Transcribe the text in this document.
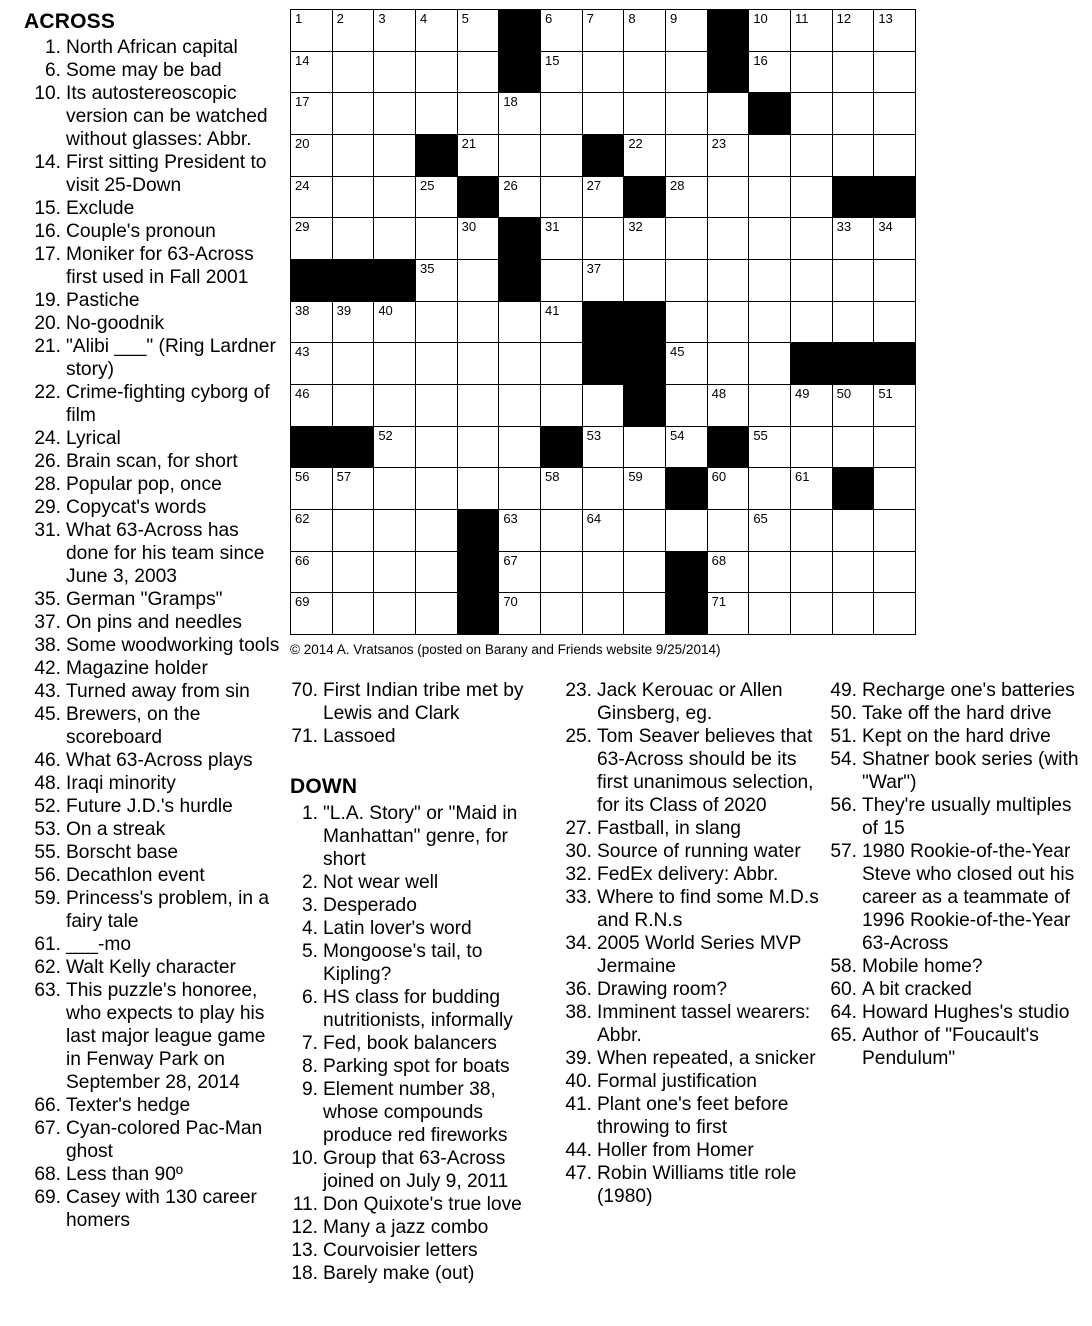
ACROSS
1. North African capital
6. Some may be bad
10. Its autostereoscopic version can be watched without glasses: Abbr.
14. First sitting President to visit 25-Down
15. Exclude
16. Couple's pronoun
17. Moniker for 63-Across first used in Fall 2001
19. Pastiche
20. No-goodnik
21. "Alibi ___" (Ring Lardner story)
22. Crime-fighting cyborg of film
24. Lyrical
26. Brain scan, for short
28. Popular pop, once
29. Copycat's words
31. What 63-Across has done for his team since June 3, 2003
35. German "Gramps"
37. On pins and needles
38. Some woodworking tools
42. Magazine holder
43. Turned away from sin
45. Brewers, on the scoreboard
46. What 63-Across plays
48. Iraqi minority
52. Future J.D.'s hurdle
53. On a streak
55. Borscht base
56. Decathlon event
59. Princess's problem, in a fairy tale
61. ___-mo
62. Walt Kelly character
63. This puzzle's honoree, who expects to play his last major league game in Fenway Park on September 28, 2014
66. Texter's hedge
67. Cyan-colored Pac-Man ghost
68. Less than 90º
69. Casey with 130 career homers
70. First Indian tribe met by Lewis and Clark
71. Lassoed
DOWN
1. "L.A. Story" or "Maid in Manhattan" genre, for short
2. Not wear well
3. Desperado
4. Latin lover's word
5. Mongoose's tail, to Kipling?
6. HS class for budding nutritionists, informally
7. Fed, book balancers
8. Parking spot for boats
9. Element number 38, whose compounds produce red fireworks
10. Group that 63-Across joined on July 9, 2011
11. Don Quixote's true love
12. Many a jazz combo
13. Courvoisier letters
18. Barely make (out)
23. Jack Kerouac or Allen Ginsberg, eg.
25. Tom Seaver believes that 63-Across should be its first unanimous selection, for its Class of 2020
27. Fastball, in slang
30. Source of running water
32. FedEx delivery: Abbr.
33. Where to find some M.D.s and R.N.s
34. 2005 World Series MVP Jermaine
36. Drawing room?
38. Imminent tassel wearers: Abbr.
39. When repeated, a snicker
40. Formal justification
41. Plant one's feet before throwing to first
44. Holler from Homer
47. Robin Williams title role (1980)
49. Recharge one's batteries
50. Take off the hard drive
51. Kept on the hard drive
54. Shatner book series (with "War")
56. They're usually multiples of 15
57. 1980 Rookie-of-the-Year Steve who closed out his career as a teammate of 1996 Rookie-of-the-Year 63-Across
58. Mobile home?
60. A bit cracked
64. Howard Hughes's studio
65. Author of "Foucault's Pendulum"
1	2	3	4	5	6	7	8	9	10 11 12 13
14	15	16
17	18
20	21	22	23
24	25	26	27	28
29	30	31	32	33 34
35	37
38 39 40	41
43	45
46	48	49 50 51
52	53	54	55
56 57	58	59	60	61
62	63	64	65
66	67	68
69	70	71
© 2014 A. Vratsanos (posted on Barany and Friends website 9/25/2014)
